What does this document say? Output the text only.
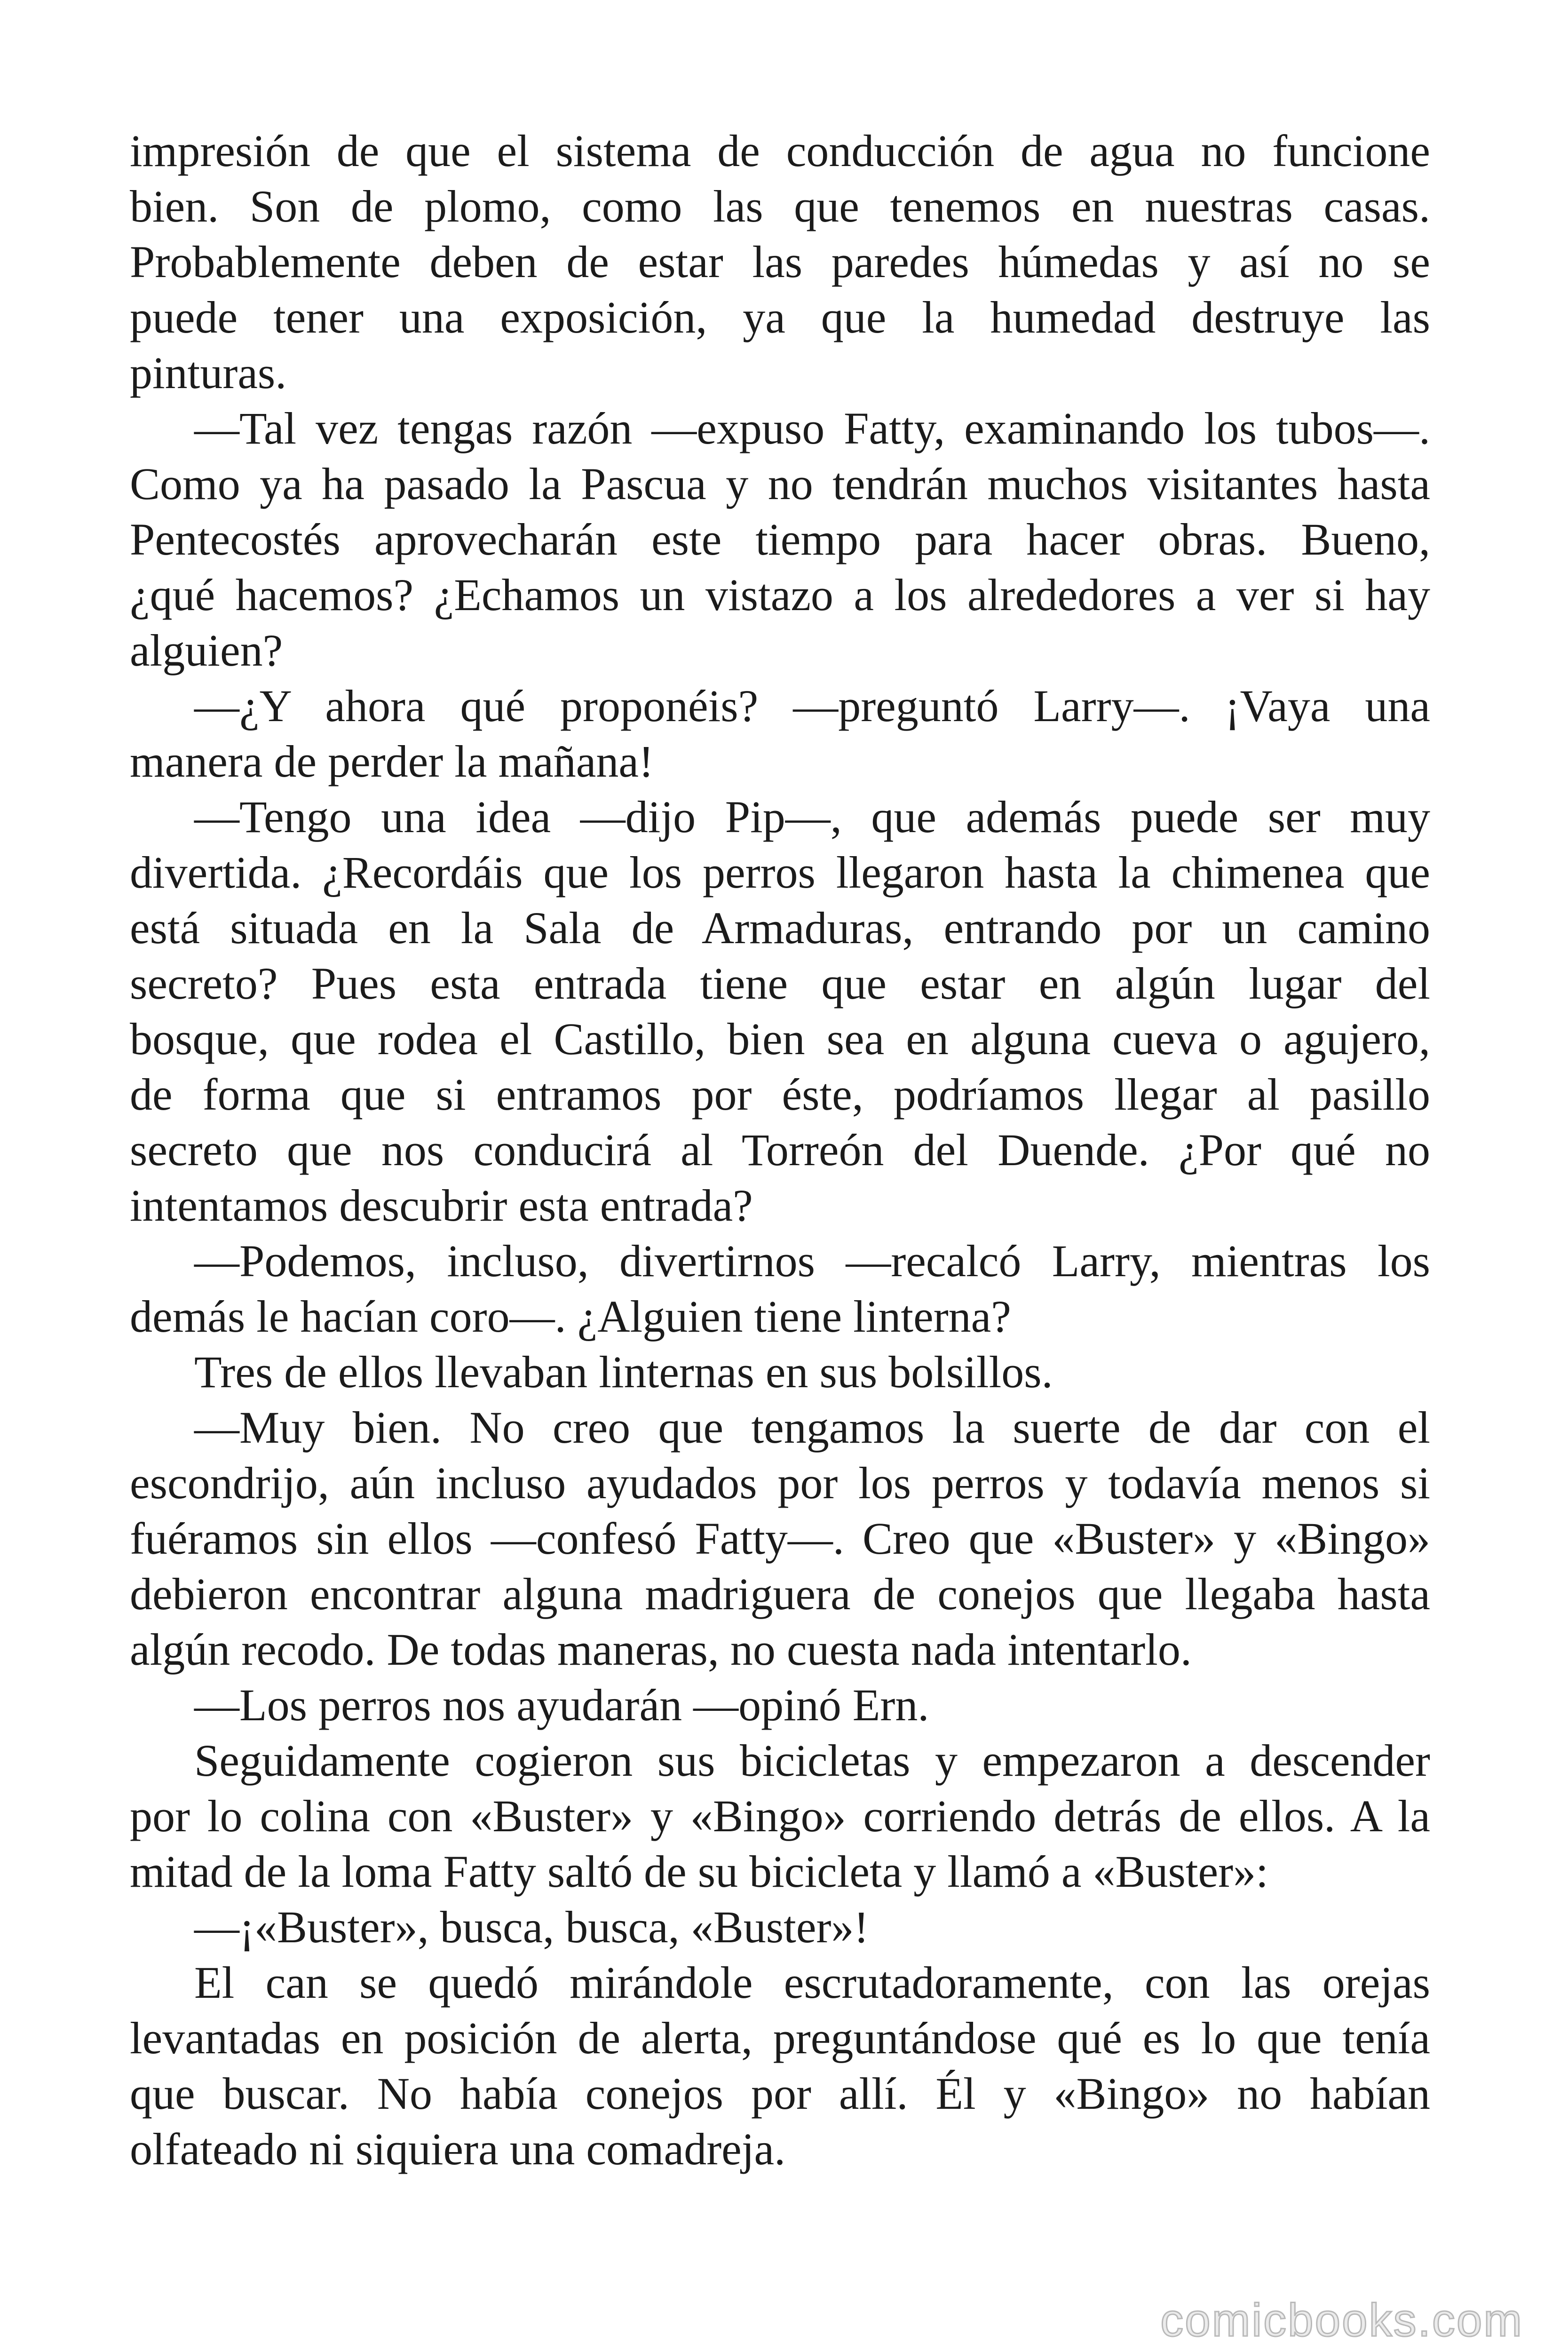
impresión de que el sistema de conducción de agua no funcione
bien. Son de plomo, como las que tenemos en nuestras casas.
Probablemente deben de estar las paredes húmedas y así no se
puede tener una exposición, ya que la humedad destruye las
pinturas.
—Tal vez tengas razón —expuso Fatty, examinando los tubos—.
Como ya ha pasado la Pascua y no tendrán muchos visitantes hasta
Pentecostés aprovecharán este tiempo para hacer obras. Bueno,
¿qué hacemos? ¿Echamos un vistazo a los alrededores a ver si hay
alguien?
—¿Y ahora qué proponéis? —preguntó Larry—. ¡Vaya una
manera de perder la mañana!
—Tengo una idea —dijo Pip—, que además puede ser muy
divertida. ¿Recordáis que los perros llegaron hasta la chimenea que
está situada en la Sala de Armaduras, entrando por un camino
secreto? Pues esta entrada tiene que estar en algún lugar del
bosque, que rodea el Castillo, bien sea en alguna cueva o agujero,
de forma que si entramos por éste, podríamos llegar al pasillo
secreto que nos conducirá al Torreón del Duende. ¿Por qué no
intentamos descubrir esta entrada?
—Podemos, incluso, divertirnos —recalcó Larry, mientras los
demás le hacían coro—. ¿Alguien tiene linterna?
Tres de ellos llevaban linternas en sus bolsillos.
—Muy bien. No creo que tengamos la suerte de dar con el
escondrijo, aún incluso ayudados por los perros y todavía menos si
fuéramos sin ellos —confesó Fatty—. Creo que «Buster» y «Bingo»
debieron encontrar alguna madriguera de conejos que llegaba hasta
algún recodo. De todas maneras, no cuesta nada intentarlo.
—Los perros nos ayudarán —opinó Ern.
Seguidamente cogieron sus bicicletas y empezaron a descender
por lo colina con «Buster» y «Bingo» corriendo detrás de ellos. A la
mitad de la loma Fatty saltó de su bicicleta y llamó a «Buster»:
—¡«Buster», busca, busca, «Buster»!
El can se quedó mirándole escrutadoramente, con las orejas
levantadas en posición de alerta, preguntándose qué es lo que tenía
que buscar. No había conejos por allí. Él y «Bingo» no habían
olfateado ni siquiera una comadreja.
comicbooks.com
